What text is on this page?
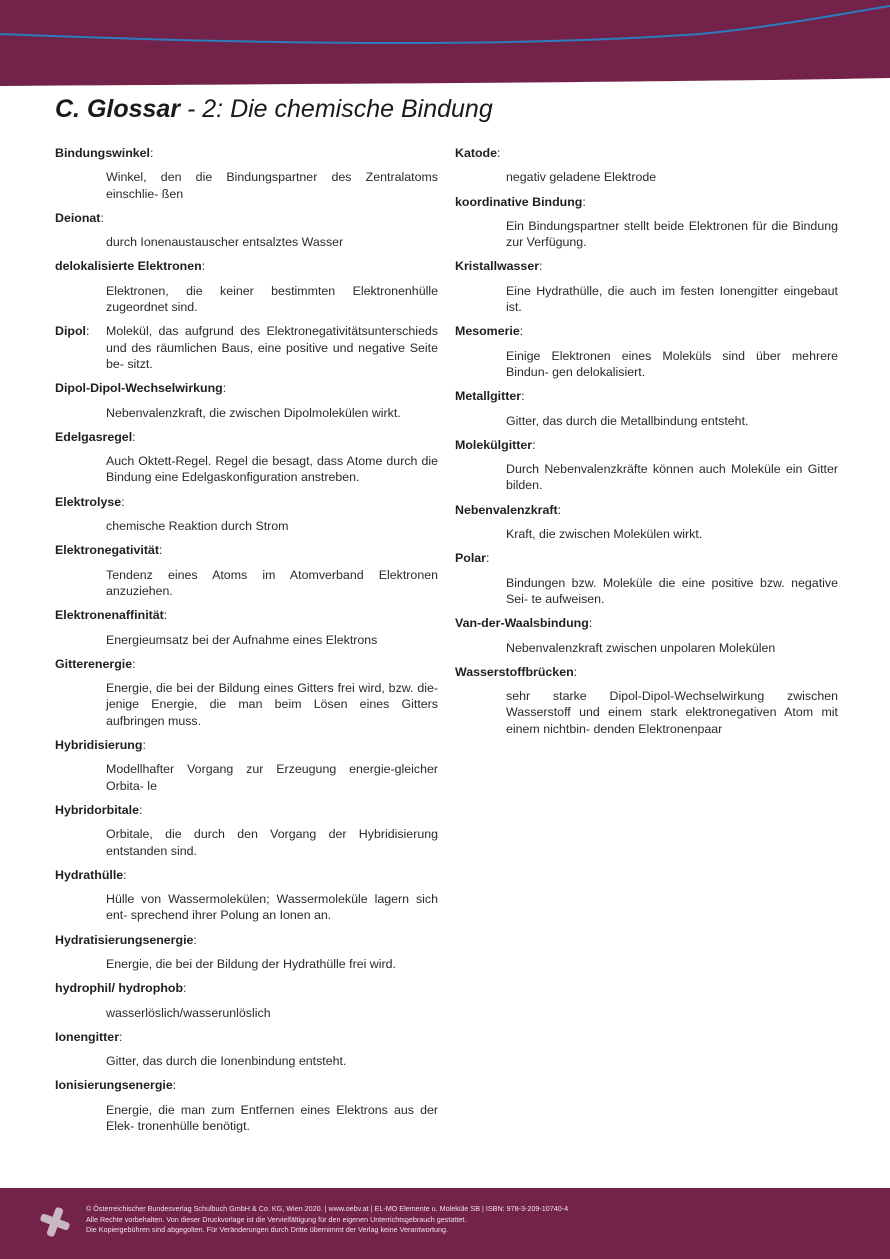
C. Glossar - 2: Die chemische Bindung
Bindungswinkel:
Winkel, den die Bindungspartner des Zentralatoms einschlie- ßen
Deionat:
durch Ionenaustauscher entsalztes Wasser
delokalisierte Elektronen:
Elektronen, die keiner bestimmten Elektronenhülle zugeordnet sind.
Dipol:	Molekül, das aufgrund des Elektronegativitätsunterschieds und des räumlichen Baus, eine positive und negative Seite be- sitzt.
Dipol-Dipol-Wechselwirkung:
Nebenvalenzkraft, die zwischen Dipolmolekülen wirkt.
Edelgasregel:
Auch Oktett-Regel. Regel die besagt, dass Atome durch die Bindung eine Edelgaskonfiguration anstreben.
Elektrolyse:
chemische Reaktion durch Strom
Elektronegativität:
Tendenz eines Atoms im Atomverband Elektronen anzuziehen.
Elektronenaffinität:
Energieumsatz bei der Aufnahme eines Elektrons
Gitterenergie:
Energie, die bei der Bildung eines Gitters frei wird, bzw. die- jenige Energie, die man beim Lösen eines Gitters aufbringen muss.
Hybridisierung:
Modellhafter Vorgang zur Erzeugung energie-gleicher Orbita- le
Hybridorbitale:
Orbitale, die durch den Vorgang der Hybridisierung entstanden sind.
Hydrathülle:
Hülle von Wassermolekülen; Wassermoleküle lagern sich ent- sprechend ihrer Polung an Ionen an.
Hydratisierungsenergie:
Energie, die bei der Bildung der Hydrathülle frei wird.
hydrophil/ hydrophob:
wasserlöslich/wasserunlöslich
Ionengitter:
Gitter, das durch die Ionenbindung entsteht.
Ionisierungsenergie:
Energie, die man zum Entfernen eines Elektrons aus der Elek- tronenhülle benötigt.
Katode:
negativ geladene Elektrode
koordinative Bindung:
Ein Bindungspartner stellt beide Elektronen für die Bindung zur Verfügung.
Kristallwasser:
Eine Hydrathülle, die auch im festen Ionengitter eingebaut ist.
Mesomerie:
Einige Elektronen eines Moleküls sind über mehrere Bindun- gen delokalisiert.
Metallgitter:
Gitter, das durch die Metallbindung entsteht.
Molekülgitter:
Durch Nebenvalenzkräfte können auch Moleküle ein Gitter bilden.
Nebenvalenzkraft:
Kraft, die zwischen Molekülen wirkt.
Polar:
Bindungen bzw. Moleküle die eine positive bzw. negative Sei- te aufweisen.
Van-der-Waalsbindung:
Nebenvalenzkraft zwischen unpolaren Molekülen
Wasserstoffbrücken:
sehr starke Dipol-Dipol-Wechselwirkung zwischen Wasserstoff und einem stark elektronegativen Atom mit einem nichtbin- denden Elektronenpaar
© Österreichischer Bundesverlag Schulbuch GmbH & Co. KG, Wien 2020. | www.oebv.at | EL-MO Elemente u. Moleküle SB | ISBN: 978-3-209-10740-4
Alle Rechte vorbehalten. Von dieser Druckvorlage ist die Vervielfältigung für den eigenen Unterrichtsgebrauch gestattet.
Die Kopiergebühren sind abgegolten. Für Veränderungen durch Dritte übernimmt der Verlag keine Verantwortung.
